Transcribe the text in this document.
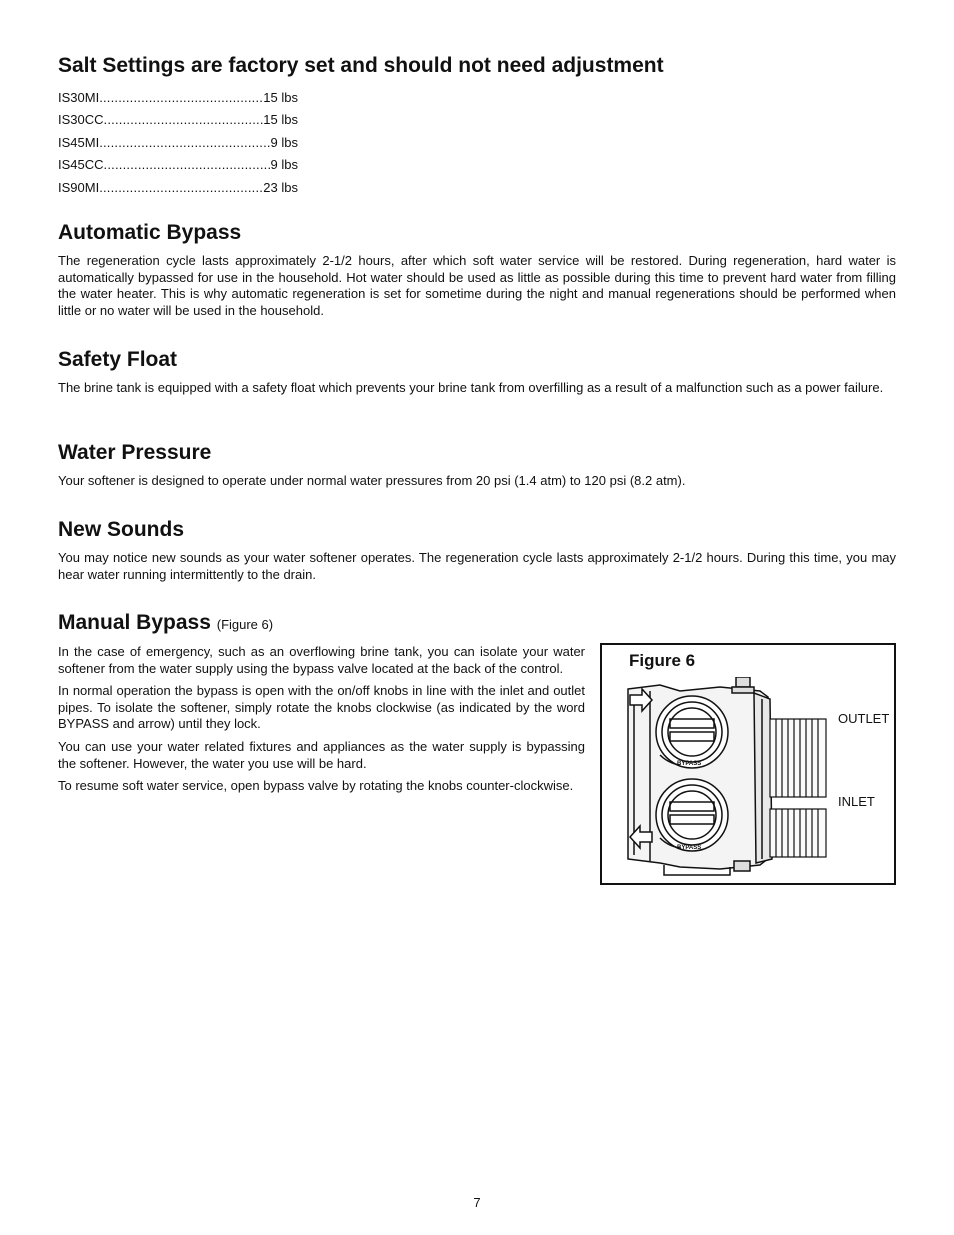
Salt Settings are factory set and should not need adjustment
IS30MI .....	15 lbs
IS30CC .....	15 lbs
IS45MI .....	9 lbs
IS45CC .....	9 lbs
IS90MI .....	23 lbs
Automatic Bypass

The regeneration cycle lasts approximately 2-1/2 hours, after which soft water service will be restored. During regeneration, hard water is automatically bypassed for use in the household. Hot water should be used as little as possible during this time to prevent hard water from filling the water heater. This is why automatic regeneration is set for sometime during the night and manual regenerations should be performed when little or no water will be used in the household.

Safety Float

The brine tank is equipped with a safety float which prevents your brine tank from overfilling as a result of a malfunction such as a power failure.

Water Pressure

Your softener is designed to operate under normal water pressures from 20 psi (1.4 atm) to 120 psi (8.2 atm).

New Sounds

You may notice new sounds as your water softener operates. The regeneration cycle lasts approximately 2-1/2 hours. During this time, you may hear water running intermittently to the drain.

Manual Bypass (Figure 6)

In the case of emergency, such as an overflowing brine tank, you can isolate your water softener from the water supply using the bypass valve located at the back of the control.

In normal operation the bypass is open with the on/off knobs in line with the inlet and outlet pipes. To isolate the softener, simply rotate the knobs clockwise (as indicated by the word BYPASS and arrow) until they lock.

You can use your water related fixtures and appliances as the water supply is bypassing the softener. However, the water you use will be hard.

To resume soft water service, open bypass valve by rotating the knobs counter-clockwise.

Figure 6
OUTLET
INLET
BYPASS
BYPASS
7
